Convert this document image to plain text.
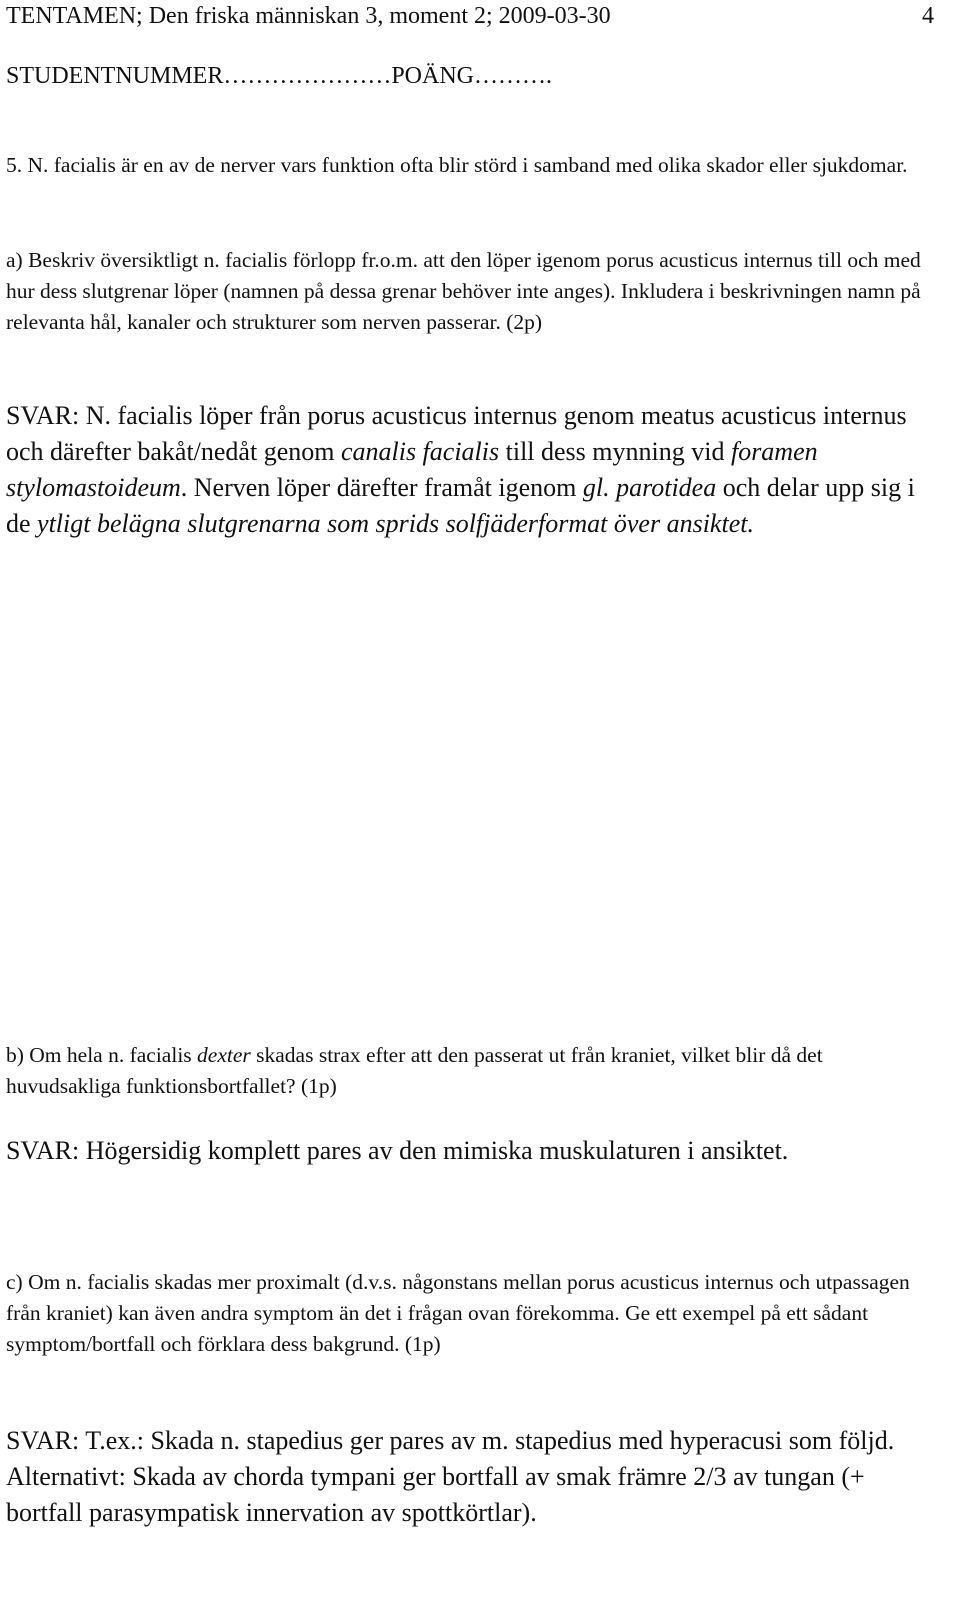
TENTAMEN; Den friska människan 3, moment 2; 2009-03-30	4

STUDENTNUMMER…………………POÄNG……….

5. N. facialis är en av de nerver vars funktion ofta blir störd i samband med olika skador eller sjukdomar.

a) Beskriv översiktligt n. facialis förlopp fr.o.m. att den löper igenom porus acusticus internus till och med hur dess slutgrenar löper (namnen på dessa grenar behöver inte anges). Inkludera i beskrivningen namn på relevanta hål, kanaler och strukturer som nerven passerar. (2p)

SVAR: N. facialis löper från porus acusticus internus genom meatus acusticus internus och därefter bakåt/nedåt genom canalis facialis till dess mynning vid foramen stylomastoideum. Nerven löper därefter framåt igenom gl. parotidea och delar upp sig i de ytligt belägna slutgrenarna som sprids solfjäderformat över ansiktet.

b) Om hela n. facialis dexter skadas strax efter att den passerat ut från kraniet, vilket blir då det huvudsakliga funktionsbortfallet? (1p)

SVAR: Högersidig komplett pares av den mimiska muskulaturen i ansiktet.

c) Om n. facialis skadas mer proximalt (d.v.s. någonstans mellan porus acusticus internus och utpassagen från kraniet) kan även andra symptom än det i frågan ovan förekomma. Ge ett exempel på ett sådant symptom/bortfall och förklara dess bakgrund. (1p)

SVAR: T.ex.: Skada n. stapedius ger pares av m. stapedius med hyperacusi som följd. Alternativt: Skada av chorda tympani ger bortfall av smak främre 2/3 av tungan (+ bortfall parasympatisk innervation av spottkörtlar).
